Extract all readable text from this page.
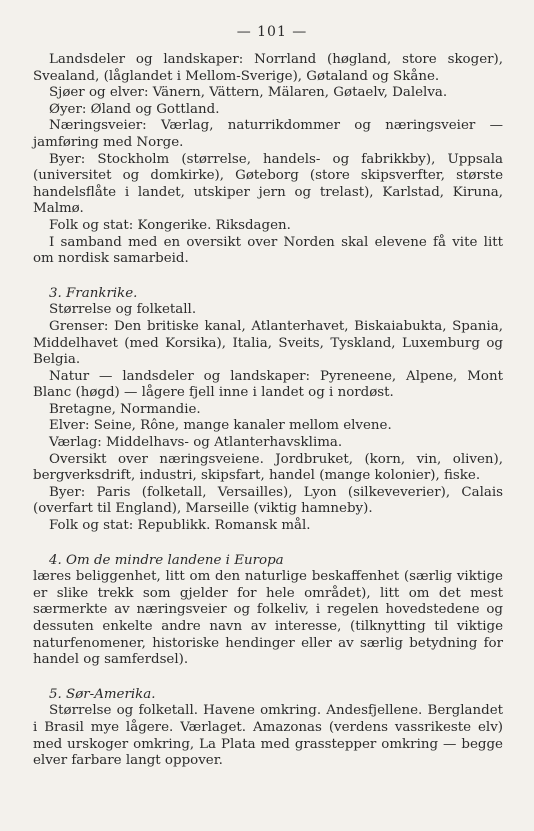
— 101 —

Landsdeler og landskaper: Norrland (høgland, store skoger), Svealand, (låglandet i Mellom-Sverige), Gøtaland og Skåne.

Sjøer og elver: Vänern, Vättern, Mälaren, Gøtaelv, Dalelva.

Øyer: Øland og Gottland.

Næringsveier: Værlag, naturrikdommer og næringsveier — jamføring med Norge.

Byer: Stockholm (størrelse, handels- og fabrikkby), Uppsala (universitet og domkirke), Gøteborg (store skipsverfter, største handelsflåte i landet, utskiper jern og trelast), Karlstad, Kiruna, Malmø.

Folk og stat: Kongerike. Riksdagen.

I samband med en oversikt over Norden skal elevene få vite litt om nordisk samarbeid.

3. Frankrike.

Størrelse og folketall.

Grenser: Den britiske kanal, Atlanterhavet, Biskaiabukta, Spania, Middelhavet (med Korsika), Italia, Sveits, Tyskland, Luxemburg og Belgia.

Natur — landsdeler og landskaper: Pyreneene, Alpene, Mont Blanc (høgd) — lågere fjell inne i landet og i nordøst.

Bretagne, Normandie.

Elver: Seine, Rône, mange kanaler mellom elvene.

Værlag: Middelhavs- og Atlanterhavsklima.

Oversikt over næringsveiene. Jordbruket, (korn, vin, oliven), bergverksdrift, industri, skipsfart, handel (mange kolonier), fiske.

Byer: Paris (folketall, Versailles), Lyon (silkeveverier), Calais (overfart til England), Marseille (viktig hamneby).

Folk og stat: Republikk. Romansk mål.

4. Om de mindre landene i Europa

læres beliggenhet, litt om den naturlige beskaffenhet (særlig viktige er slike trekk som gjelder for hele området), litt om det mest særmerkte av næringsveier og folkeliv, i regelen hovedstedene og dessuten enkelte andre navn av interesse, (tilknytting til viktige naturfenomener, historiske hendinger eller av særlig betydning for handel og samferdsel).

5. Sør-Amerika.

Størrelse og folketall. Havene omkring. Andesfjellene. Berglandet i Brasil mye lågere. Værlaget. Amazonas (verdens vassrikeste elv) med urskoger omkring, La Plata med grasstepper omkring — begge elver farbare langt oppover.
